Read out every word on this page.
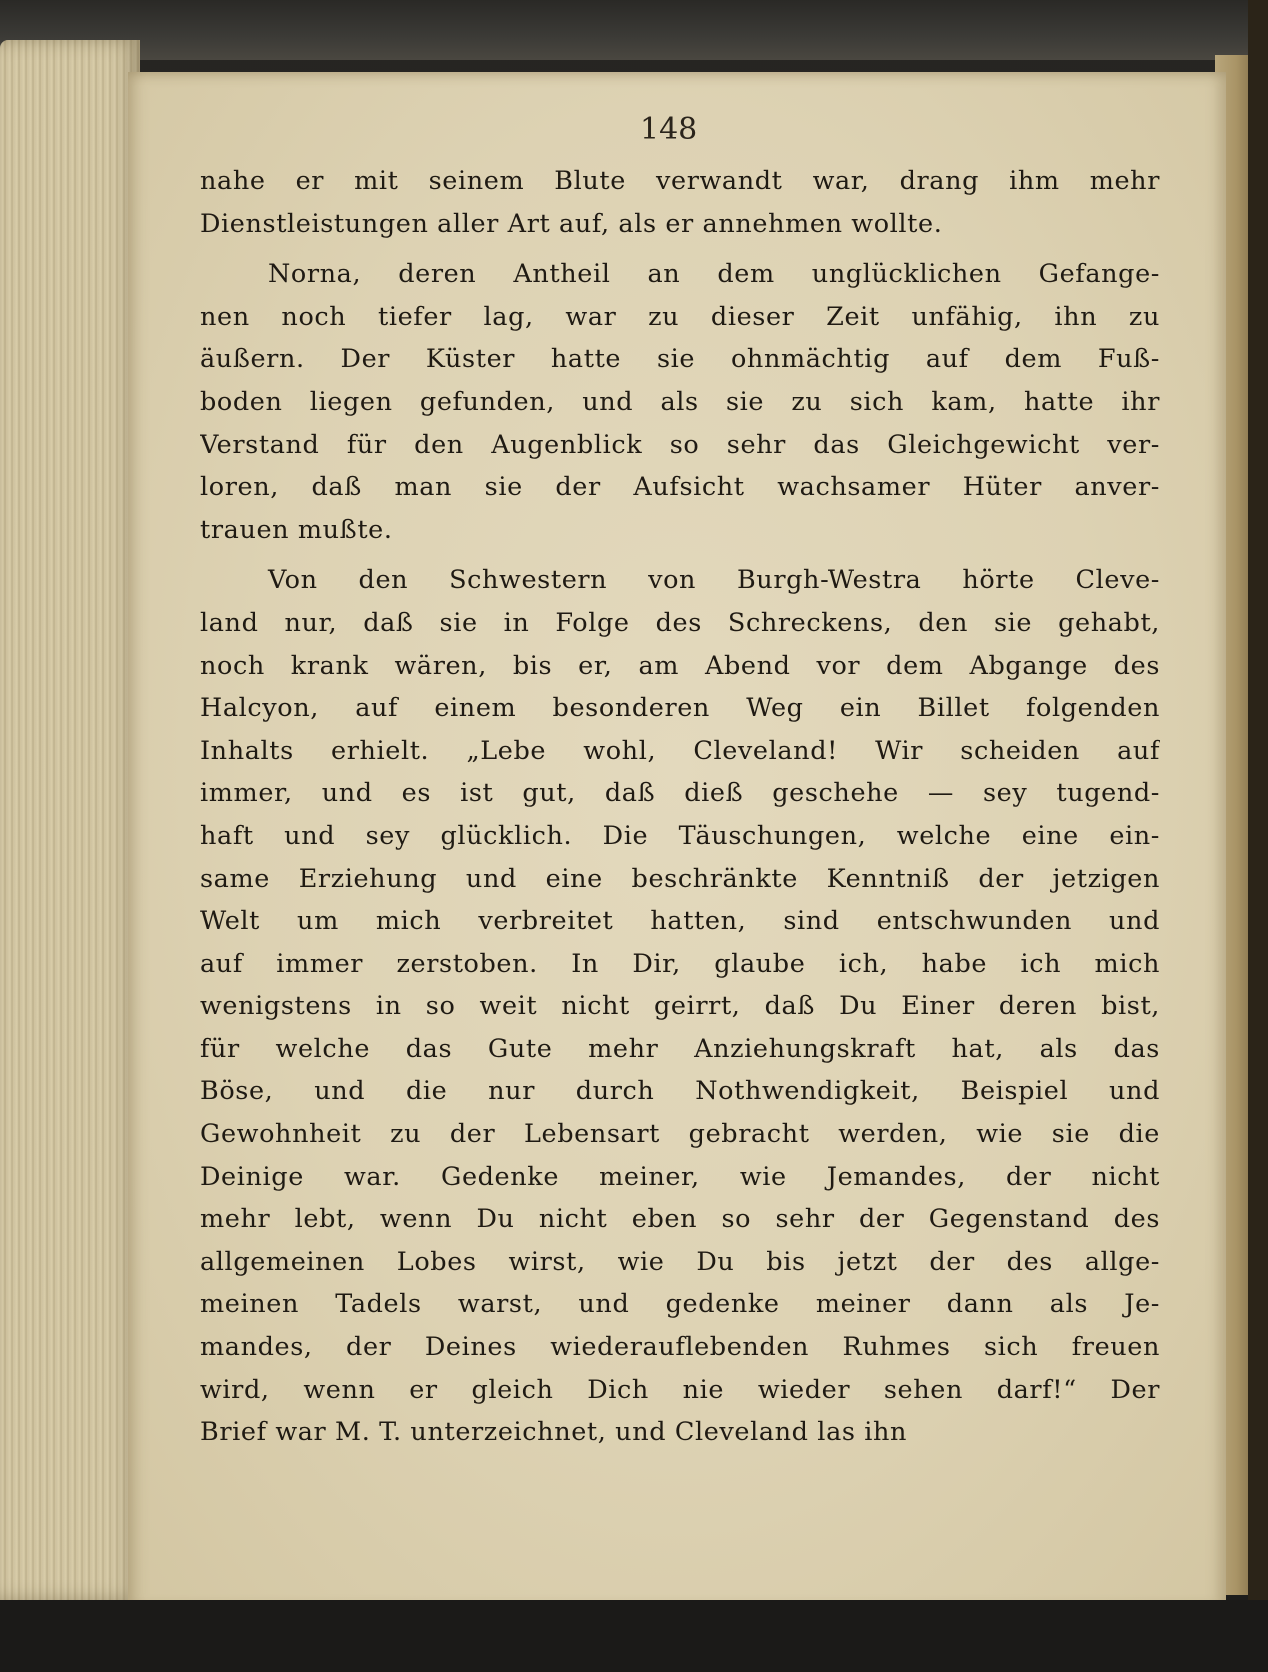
148
nahe er mit seinem Blute verwandt war, drang ihm mehr
Dienstleistungen aller Art auf, als er annehmen wollte.
Norna, deren Antheil an dem unglücklichen Gefange-
nen noch tiefer lag, war zu dieser Zeit unfähig, ihn zu
äußern. Der Küster hatte sie ohnmächtig auf dem Fuß-
boden liegen gefunden, und als sie zu sich kam, hatte ihr
Verstand für den Augenblick so sehr das Gleichgewicht ver-
loren, daß man sie der Aufsicht wachsamer Hüter anver-
trauen mußte.
Von den Schwestern von Burgh-Westra hörte Cleve-
land nur, daß sie in Folge des Schreckens, den sie gehabt,
noch krank wären, bis er, am Abend vor dem Abgange des
Halcyon, auf einem besonderen Weg ein Billet folgenden
Inhalts erhielt. „Lebe wohl, Cleveland! Wir scheiden auf
immer, und es ist gut, daß dieß geschehe — sey tugend-
haft und sey glücklich. Die Täuschungen, welche eine ein-
same Erziehung und eine beschränkte Kenntniß der jetzigen
Welt um mich verbreitet hatten, sind entschwunden und
auf immer zerstoben. In Dir, glaube ich, habe ich mich
wenigstens in so weit nicht geirrt, daß Du Einer deren bist,
für welche das Gute mehr Anziehungskraft hat, als das
Böse, und die nur durch Nothwendigkeit, Beispiel und
Gewohnheit zu der Lebensart gebracht werden, wie sie die
Deinige war. Gedenke meiner, wie Jemandes, der nicht
mehr lebt, wenn Du nicht eben so sehr der Gegenstand des
allgemeinen Lobes wirst, wie Du bis jetzt der des allge-
meinen Tadels warst, und gedenke meiner dann als Je-
mandes, der Deines wiederauflebenden Ruhmes sich freuen
wird, wenn er gleich Dich nie wieder sehen darf!“ Der
Brief war M. T. unterzeichnet, und Cleveland las ihn
